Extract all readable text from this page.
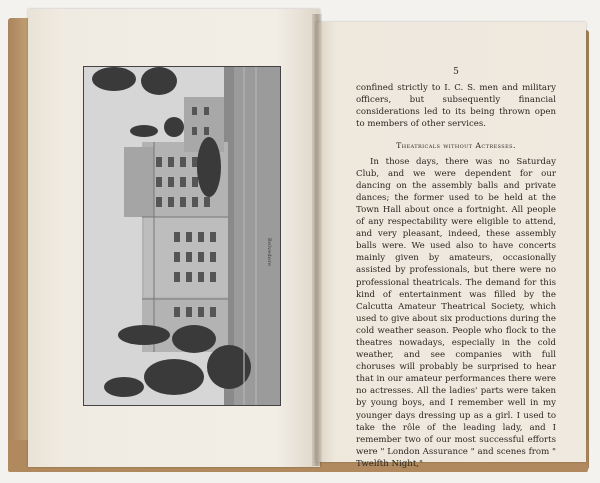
Belvedere
5

confined strictly to I. C. S. men and military officers, but subsequently financial considerations led to its being thrown open to members of other services.

Theatricals without Actresses.

In those days, there was no Saturday Club, and we were dependent for our dancing on the assembly balls and private dances; the former used to be held at the Town Hall about once a fortnight. All people of any respectability were eligible to attend, and very pleasant, indeed, these assembly balls were. We used also to have concerts mainly given by amateurs, occasionally assisted by professionals, but there were no professional theatricals. The demand for this kind of entertainment was filled by the Calcutta Amateur Theatrical Society, which used to give about six productions during the cold weather season. People who flock to the theatres nowadays, especially in the cold weather, and see companies with full choruses will probably be surprised to hear that in our amateur performances there were no actresses. All the ladies' parts were taken by young boys, and I remember well in my younger days dressing up as a girl. I used to take the rôle of the leading lady, and I remember two of our most successful efforts were " London Assurance " and scenes from " Twelfth Night,"
